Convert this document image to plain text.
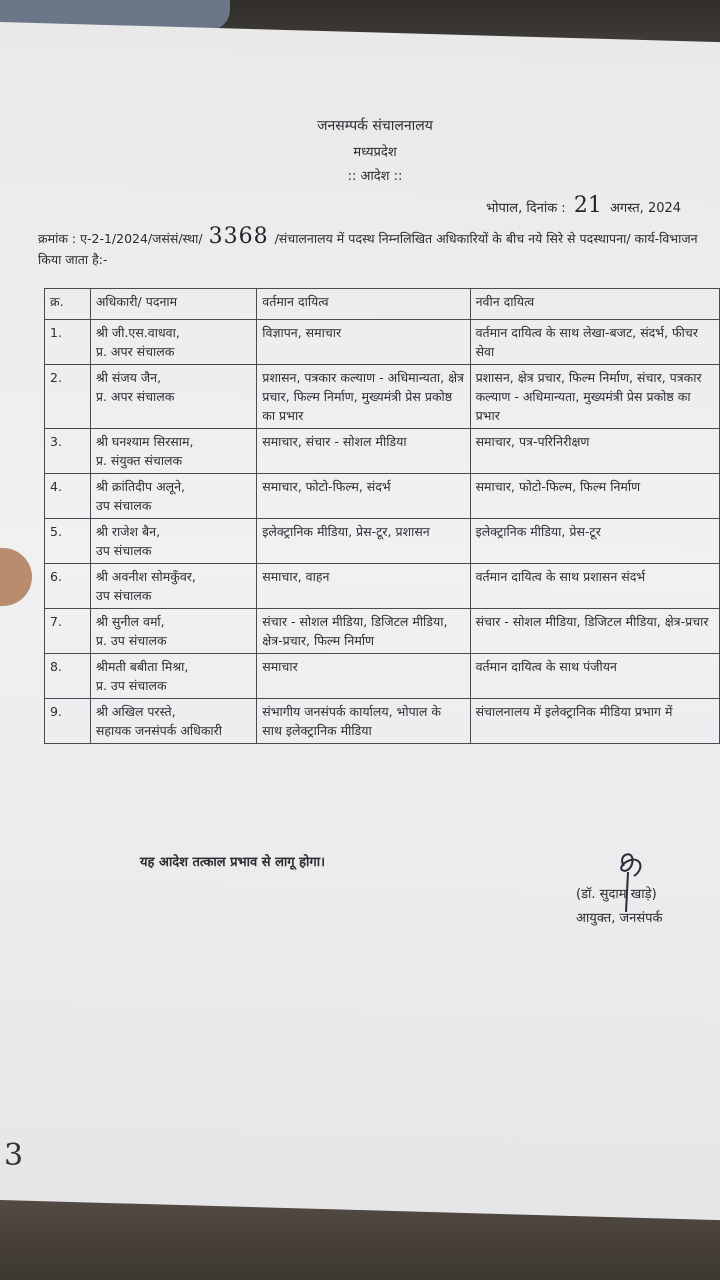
जनसम्पर्क संचालनालय
मध्यप्रदेश
:: आदेश ::
भोपाल, दिनांक : 21 अगस्त, 2024
क्रमांक : ए-2-1/2024/जसंसं/स्था/ 3368 /संचालनालय में पदस्थ निम्नलिखित अधिकारियों के बीच नये सिरे से पदस्थापना/ कार्य-विभाजन किया जाता है:-
क्र.	अधिकारी/ पदनाम	वर्तमान दायित्व	नवीन दायित्व
1.	श्री जी.एस.वाधवा,
प्र. अपर संचालक	विज्ञापन, समाचार	वर्तमान दायित्व के साथ लेखा-बजट, संदर्भ, फीचर सेवा
2.	श्री संजय जैन,
प्र. अपर संचालक	प्रशासन, पत्रकार कल्याण - अधिमान्यता, क्षेत्र प्रचार, फिल्म निर्माण, मुख्यमंत्री प्रेस प्रकोष्ठ का प्रभार	प्रशासन, क्षेत्र प्रचार, फिल्म निर्माण, संचार, पत्रकार कल्याण - अधिमान्यता, मुख्यमंत्री प्रेस प्रकोष्ठ का प्रभार
3.	श्री घनश्याम सिरसाम,
प्र. संयुक्त संचालक	समाचार, संचार - सोशल मीडिया	समाचार, पत्र-परिनिरीक्षण
4.	श्री क्रांतिदीप अलूने,
उप संचालक	समाचार, फोटो-फिल्म, संदर्भ	समाचार, फोटो-फिल्म, फिल्म निर्माण
5.	श्री राजेश बैन,
उप संचालक	इलेक्ट्रानिक मीडिया, प्रेस-टूर, प्रशासन	इलेक्ट्रानिक मीडिया, प्रेस-टूर
6.	श्री अवनीश सोमकुँवर,
उप संचालक	समाचार, वाहन	वर्तमान दायित्व के साथ प्रशासन संदर्भ
7.	श्री सुनील वर्मा,
प्र. उप संचालक	संचार - सोशल मीडिया, डिजिटल मीडिया, क्षेत्र-प्रचार, फिल्म निर्माण	संचार - सोशल मीडिया, डिजिटल मीडिया, क्षेत्र-प्रचार
8.	श्रीमती बबीता मिश्रा,
प्र. उप संचालक	समाचार	वर्तमान दायित्व के साथ पंजीयन
9.	श्री अखिल परस्ते,
सहायक जनसंपर्क अधिकारी	संभागीय जनसंपर्क कार्यालय, भोपाल के साथ इलेक्ट्रानिक मीडिया	संचालनालय में इलेक्ट्रानिक मीडिया प्रभाग में
यह आदेश तत्काल प्रभाव से लागू होगा।
(डॉ. सुदाम खाड़े)
आयुक्त, जनसंपर्क
3
